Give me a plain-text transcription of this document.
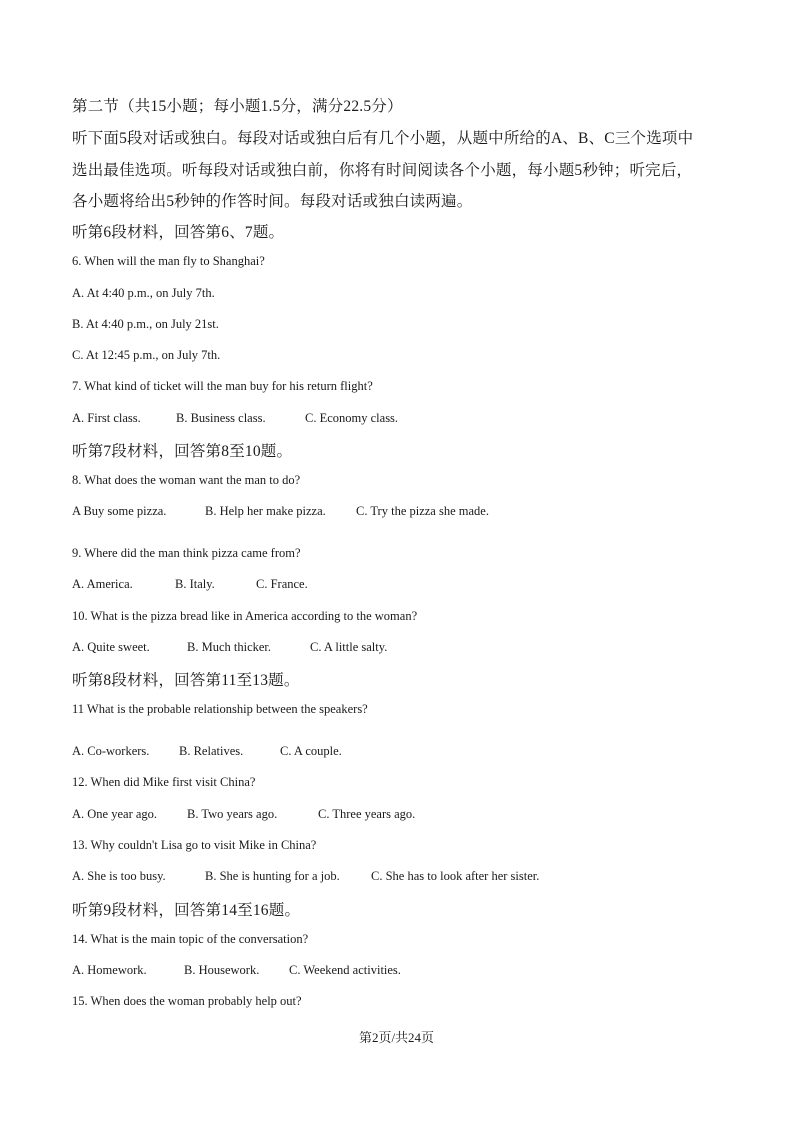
第二节（共15小题；每小题1.5分，满分22.5分）
听下面5段对话或独白。每段对话或独白后有几个小题，从题中所给的A、B、C三个选项中
选出最佳选项。听每段对话或独白前，你将有时间阅读各个小题，每小题5秒钟；听完后，
各小题将给出5秒钟的作答时间。每段对话或独白读两遍。
听第6段材料，回答第6、7题。
6. When will the man fly to Shanghai?
A. At 4:40 p.m., on July 7th.
B. At 4:40 p.m., on July 21st.
C. At 12:45 p.m., on July 7th.
7. What kind of ticket will the man buy for his return flight?
A. First class.	B. Business class.	C. Economy class.
听第7段材料，回答第8至10题。
8. What does the woman want the man to do?
A Buy some pizza.	B. Help her make pizza. C. Try the pizza she made.
9. Where did the man think pizza came from?
A. America.	B. Italy.	C. France.
10. What is the pizza bread like in America according to the woman?
A. Quite sweet.	B. Much thicker.	C. A little salty.
听第8段材料，回答第11至13题。
11 What is the probable relationship between the speakers?
A. Co-workers. B. Relatives.	C. A couple.
12. When did Mike first visit China?
A. One year ago. B. Two years ago.	C. Three years ago.
13. Why couldn't Lisa go to visit Mike in China?
A. She is too busy.	B. She is hunting for a job.	C. She has to look after her sister.
听第9段材料，回答第14至16题。
14. What is the main topic of the conversation?
A. Homework.	B. Housework. C. Weekend activities.
15. When does the woman probably help out?
第2页/共24页
